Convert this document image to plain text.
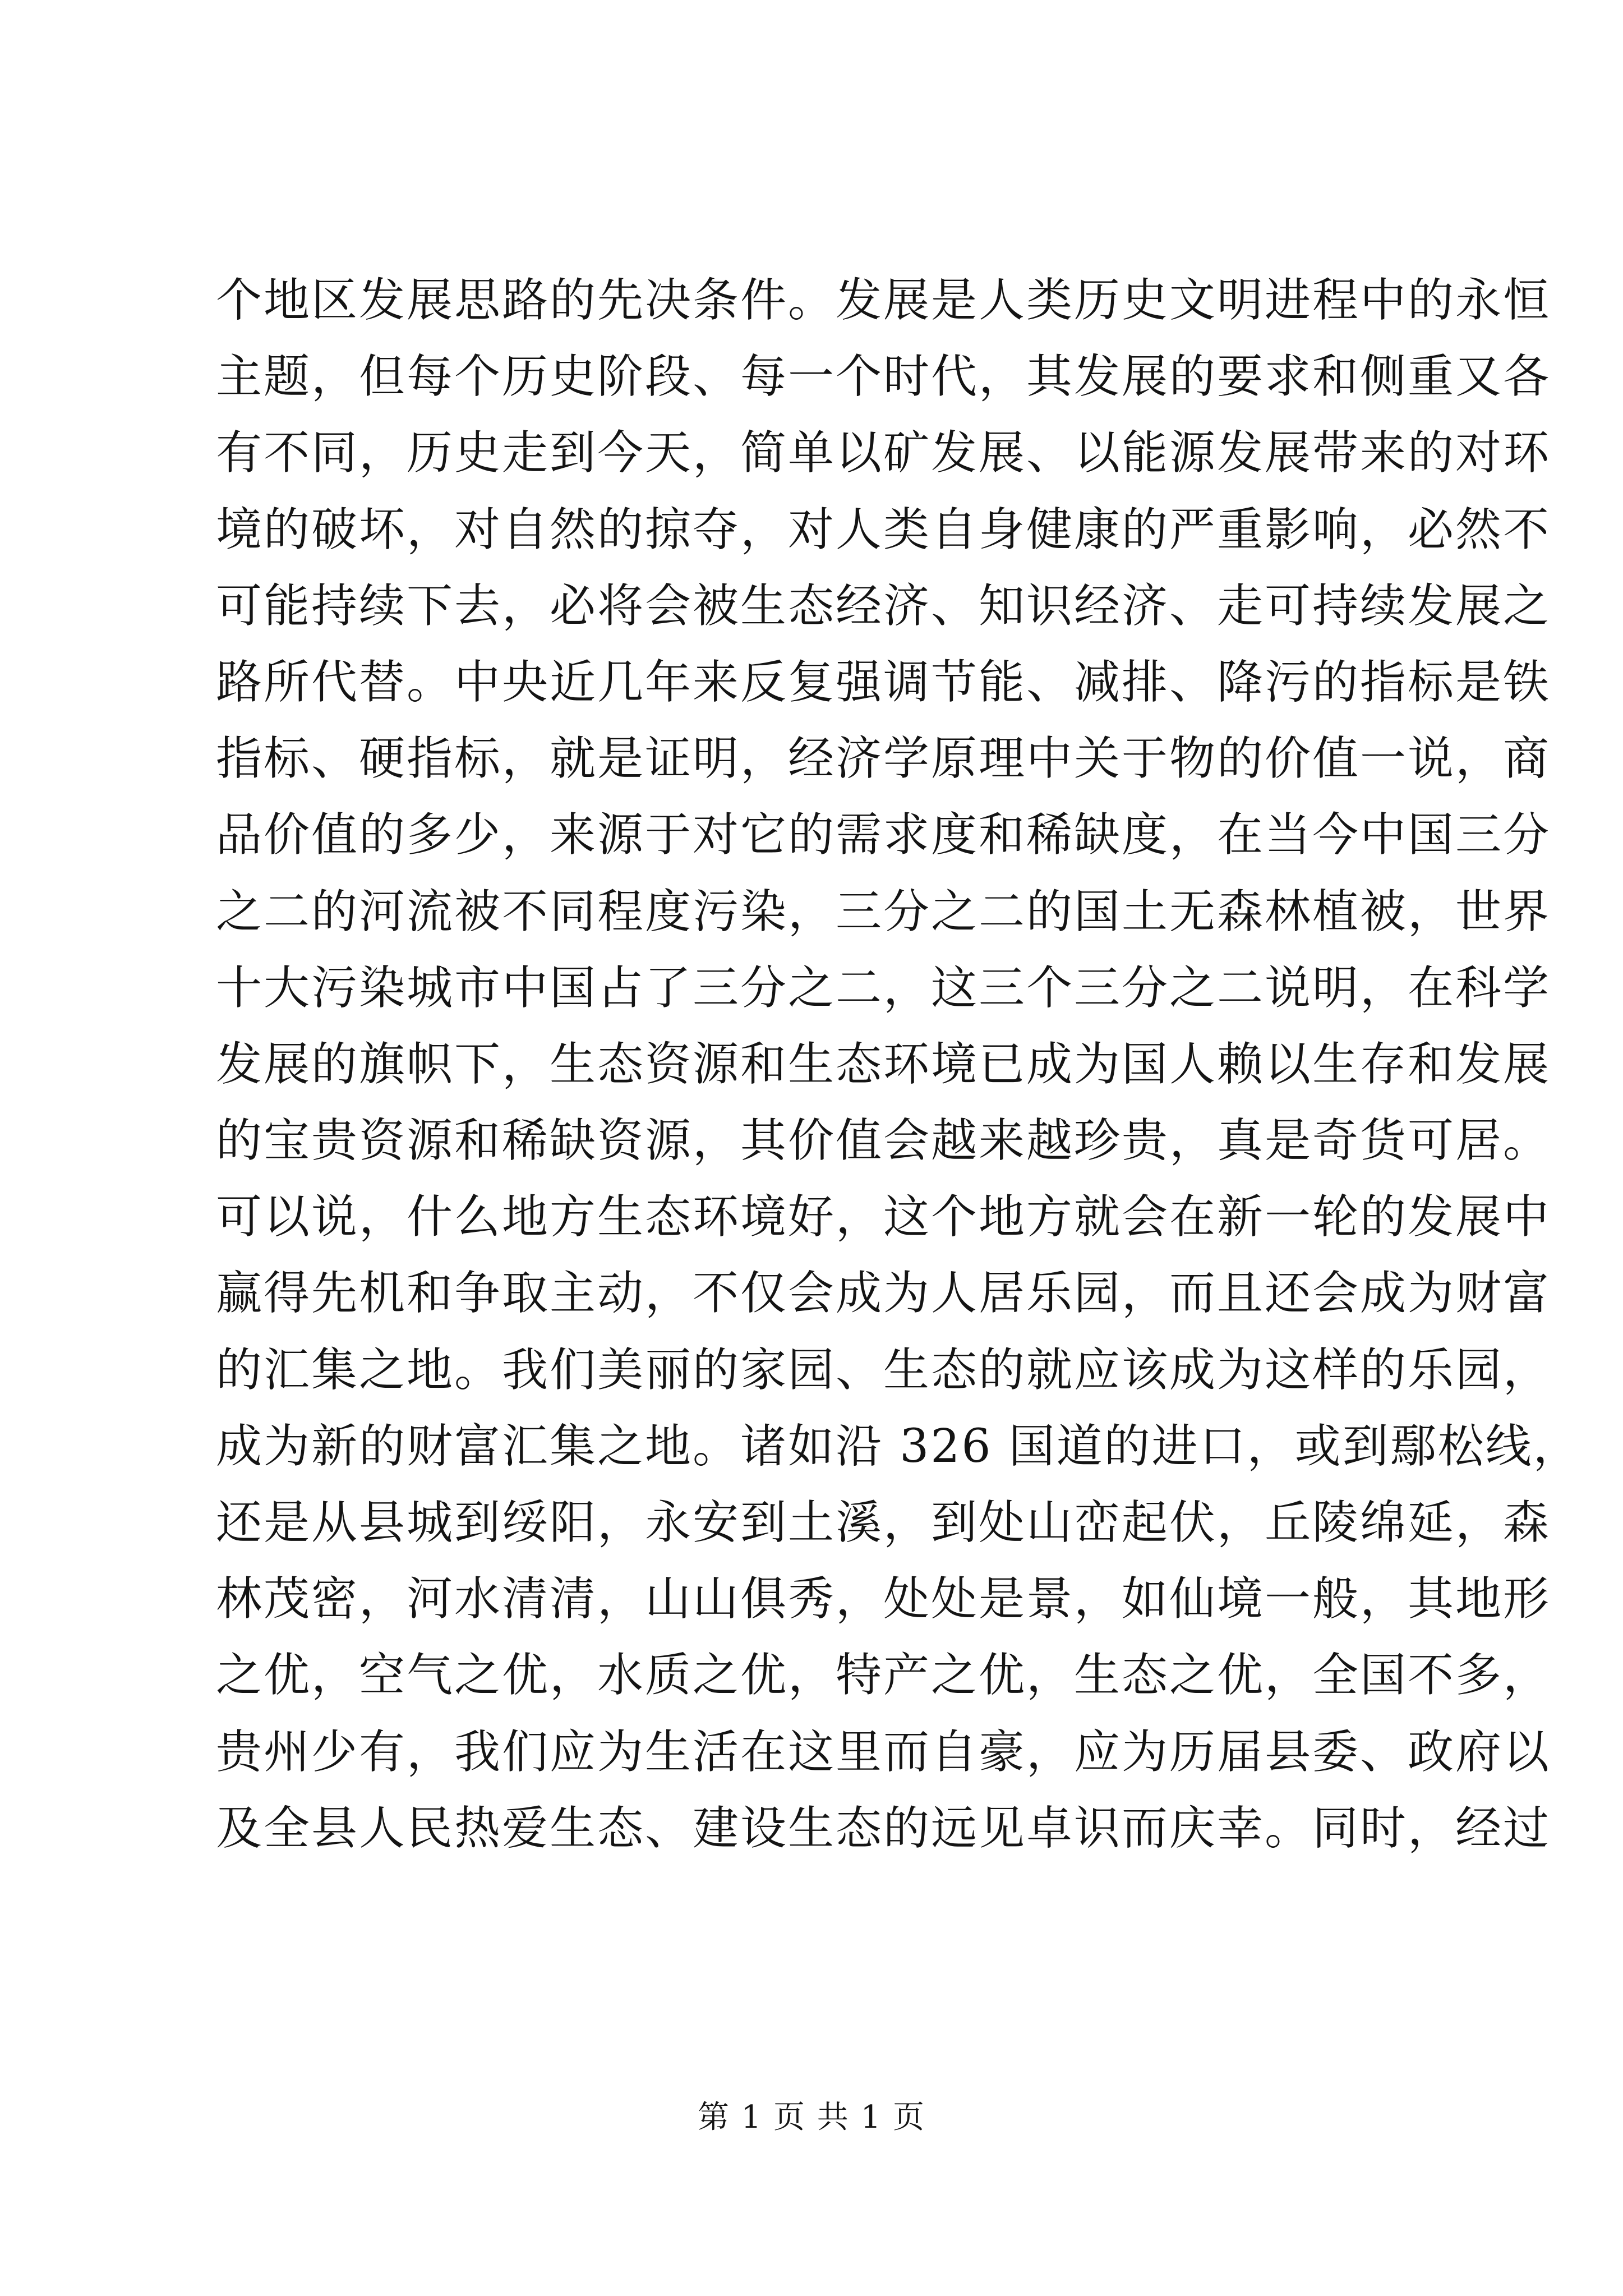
个地区发展思路的先决条件。发展是人类历史文明进程中的永恒
主题，但每个历史阶段、每一个时代，其发展的要求和侧重又各
有不同，历史走到今天，简单以矿发展、以能源发展带来的对环
境的破坏，对自然的掠夺，对人类自身健康的严重影响，必然不
可能持续下去，必将会被生态经济、知识经济、走可持续发展之
路所代替。中央近几年来反复强调节能、减排、降污的指标是铁
指标、硬指标，就是证明，经济学原理中关于物的价值一说，商
品价值的多少，来源于对它的需求度和稀缺度，在当今中国三分
之二的河流被不同程度污染，三分之二的国土无森林植被，世界
十大污染城市中国占了三分之二，这三个三分之二说明，在科学
发展的旗帜下，生态资源和生态环境已成为国人赖以生存和发展
的宝贵资源和稀缺资源，其价值会越来越珍贵，真是奇货可居。
可以说，什么地方生态环境好，这个地方就会在新一轮的发展中
赢得先机和争取主动，不仅会成为人居乐园，而且还会成为财富
的汇集之地。我们美丽的家园、生态的就应该成为这样的乐园，
成为新的财富汇集之地。诸如沿 326 国道的进口，或到鄢松线，
还是从县城到绥阳，永安到土溪，到处山峦起伏，丘陵绵延，森
林茂密，河水清清，山山俱秀，处处是景，如仙境一般，其地形
之优，空气之优，水质之优，特产之优，生态之优，全国不多，
贵州少有，我们应为生活在这里而自豪，应为历届县委、政府以
及全县人民热爱生态、建设生态的远见卓识而庆幸。同时，经过
第 1 页 共 1 页
